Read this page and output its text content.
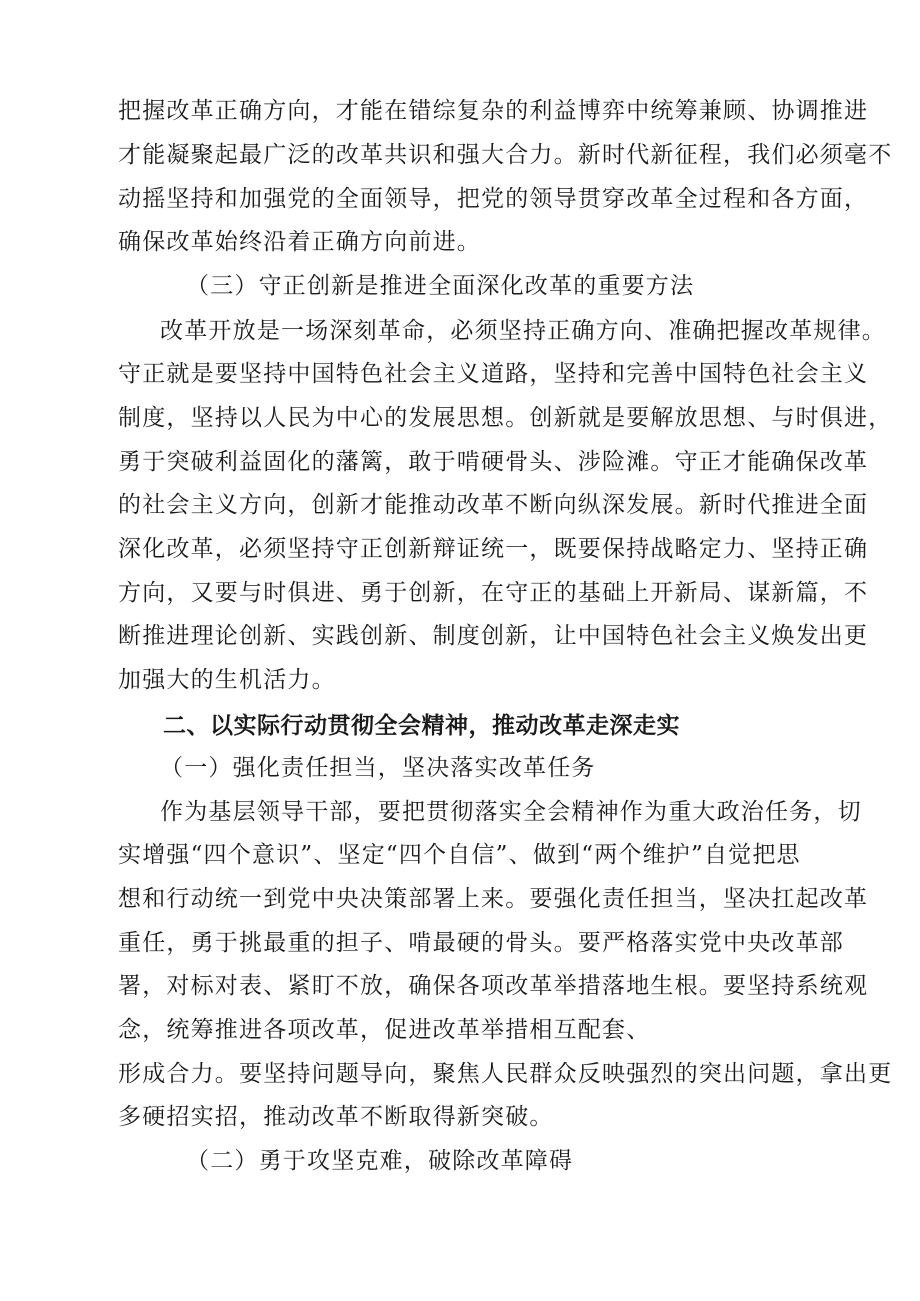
把握改革正确方向，才能在错综复杂的利益博弈中统筹兼顾、协调推进
才能凝聚起最广泛的改革共识和强大合力。新时代新征程，我们必须毫不
动摇坚持和加强党的全面领导，把党的领导贯穿改革全过程和各方面，
确保改革始终沿着正确方向前进。
（三）守正创新是推进全面深化改革的重要方法
改革开放是一场深刻革命，必须坚持正确方向、准确把握改革规律。
守正就是要坚持中国特色社会主义道路，坚持和完善中国特色社会主义
制度，坚持以人民为中心的发展思想。创新就是要解放思想、与时俱进，
勇于突破利益固化的藩篱，敢于啃硬骨头、涉险滩。守正才能确保改革
的社会主义方向，创新才能推动改革不断向纵深发展。新时代推进全面
深化改革，必须坚持守正创新辩证统一，既要保持战略定力、坚持正确
方向，又要与时俱进、勇于创新，在守正的基础上开新局、谋新篇，不
断推进理论创新、实践创新、制度创新，让中国特色社会主义焕发出更
加强大的生机活力。
二、以实际行动贯彻全会精神，推动改革走深走实
（一）强化责任担当，坚决落实改革任务
作为基层领导干部，要把贯彻落实全会精神作为重大政治任务，切
实增强“四个意识”、坚定“四个自信”、做到“两个维护”自觉把思
想和行动统一到党中央决策部署上来。要强化责任担当，坚决扛起改革
重任，勇于挑最重的担子、啃最硬的骨头。要严格落实党中央改革部
署，对标对表、紧盯不放，确保各项改革举措落地生根。要坚持系统观
念，统筹推进各项改革，促进改革举措相互配套、
形成合力。要坚持问题导向，聚焦人民群众反映强烈的突出问题，拿出更
多硬招实招，推动改革不断取得新突破。
（二）勇于攻坚克难，破除改革障碍
